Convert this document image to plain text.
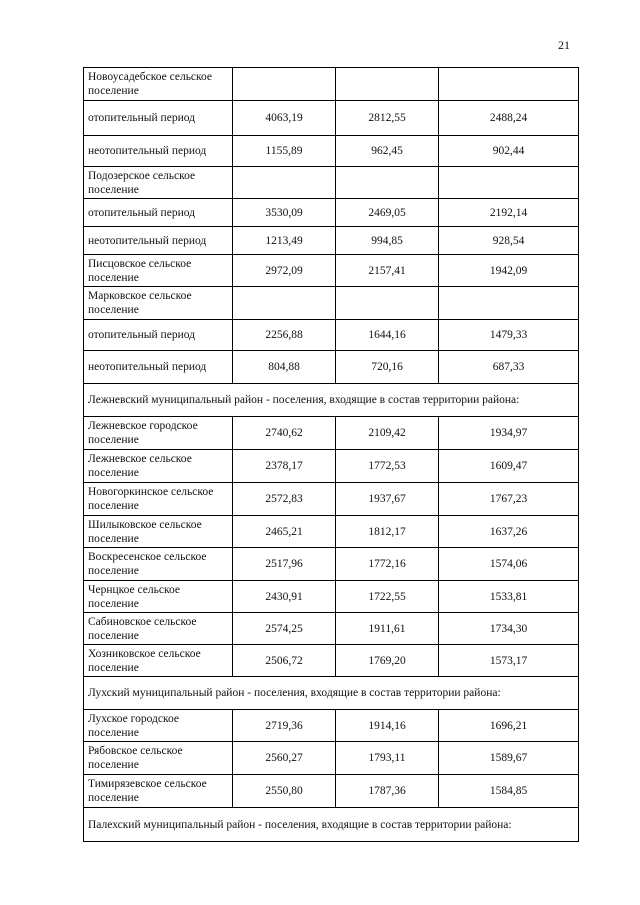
21
Новоусадебское сельское поселение			
отопительный период	4063,19	2812,55	2488,24
неотопительный период	1155,89	962,45	902,44
Подозерское сельское поселение			
отопительный период	3530,09	2469,05	2192,14
неотопительный период	1213,49	994,85	928,54
Писцовское сельское поселение	2972,09	2157,41	1942,09
Марковское сельское поселение			
отопительный период	2256,88	1644,16	1479,33
неотопительный период	804,88	720,16	687,33
Лежневский муниципальный район - поселения, входящие в состав территории района:			
Лежневское городское поселение	2740,62	2109,42	1934,97
Лежневское сельское поселение	2378,17	1772,53	1609,47
Новогоркинское сельское поселение	2572,83	1937,67	1767,23
Шилыковское сельское поселение	2465,21	1812,17	1637,26
Воскресенское сельское поселение	2517,96	1772,16	1574,06
Чернцкое сельское поселение	2430,91	1722,55	1533,81
Сабиновское сельское поселение	2574,25	1911,61	1734,30
Хозниковское сельское поселение	2506,72	1769,20	1573,17
Лухский муниципальный район - поселения, входящие в состав территории района:			
Лухское городское поселение	2719,36	1914,16	1696,21
Рябовское сельское поселение	2560,27	1793,11	1589,67
Тимирязевское сельское поселение	2550,80	1787,36	1584,85
Палехский муниципальный район - поселения, входящие в состав территории района:			
